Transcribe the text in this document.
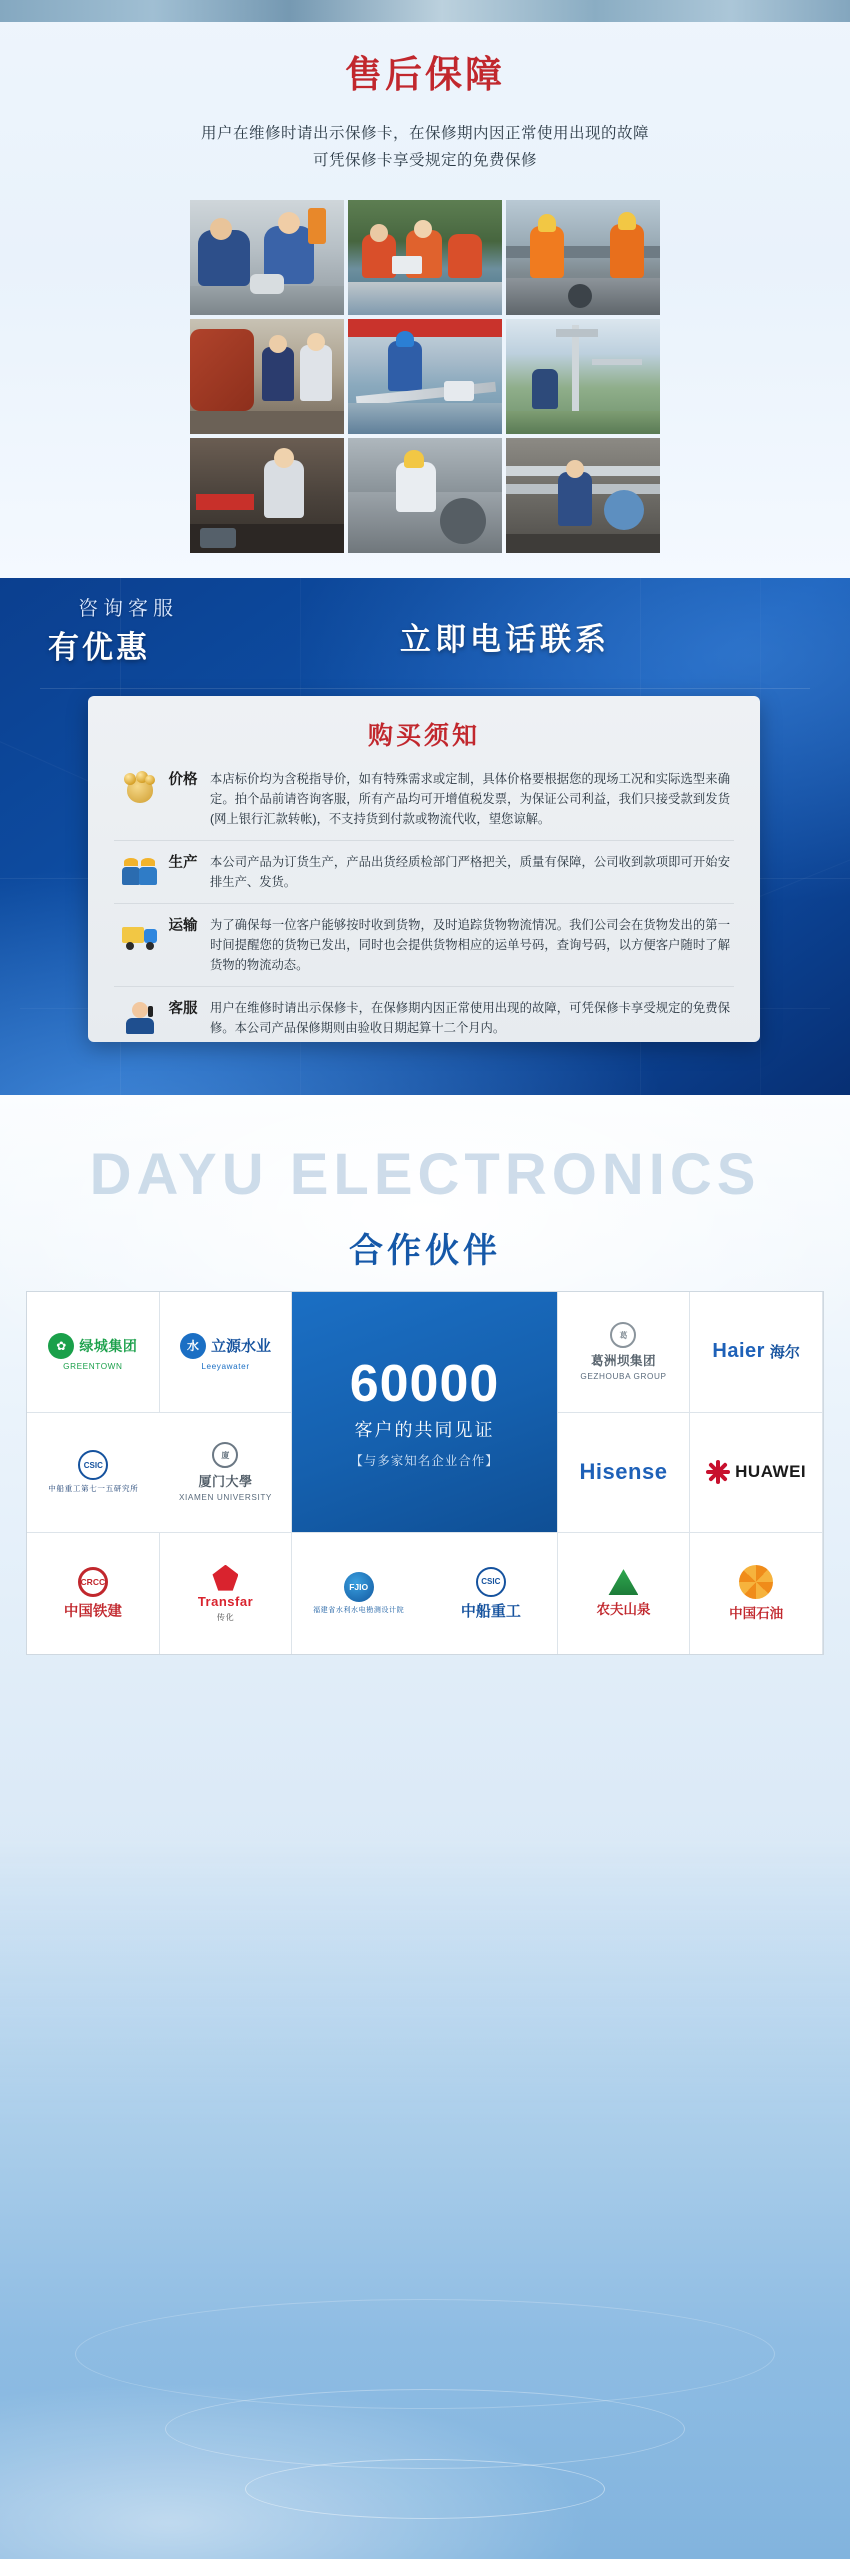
售后保障
用户在维修时请出示保修卡，在保修期内因正常使用出现的故障
可凭保修卡享受规定的免费保修
咨询客服
有优惠	立即电话联系
购买须知
价格 本店标价均为含税指导价，如有特殊需求或定制，具体价格要根据您的现场工况和实际选型来确定。拍个品前请咨询客服，所有产品均可开增值税发票，为保证公司利益，我们只接受款到发货(网上银行汇款转帐)，不支持货到付款或物流代收，望您谅解。
生产 本公司产品为订货生产，产品出货经质检部门严格把关，质量有保障，公司收到款项即可开始安排生产、发货。
运输 为了确保每一位客户能够按时收到货物，及时追踪货物物流情况。我们公司会在货物发出的第一时间提醒您的货物已发出，同时也会提供货物相应的运单号码，查询号码，以方便客户随时了解货物的物流动态。
客服 用户在维修时请出示保修卡，在保修期内因正常使用出现的故障，可凭保修卡享受规定的免费保修。本公司产品保修期则由验收日期起算十二个月内。
DAYU ELECTRONICS
合作伙伴
✿ 绿城集团
GREENTOWN
水 立源水业
Leeyawater 60000
客户的共同见证
【与多家知名企业合作】
葛
葛洲坝集团
GEZHOUBA GROUP
Haier 海尔
CSIC
中船重工第七一五研究所
廈
厦门大學
XIAMEN UNIVERSITY
Hisense	HUAWEI
CRCC
中国铁建
Transfar
传化
FJIO
福建省水利水电勘测设计院
CSIC
中船重工	农夫山泉	中国石油
